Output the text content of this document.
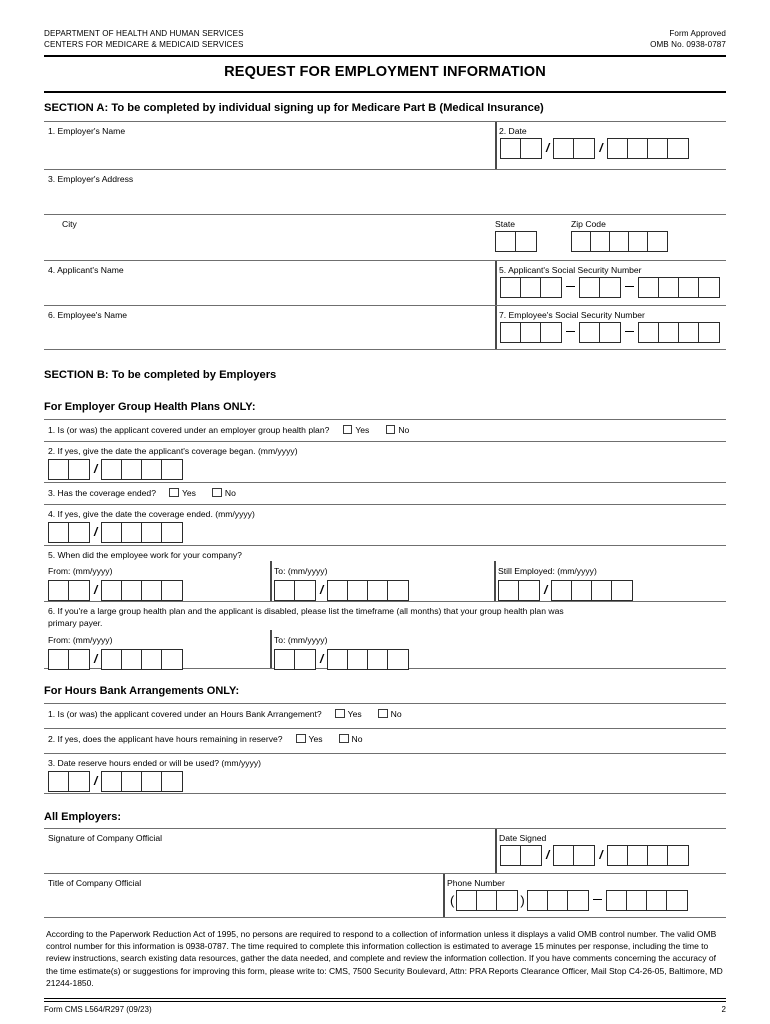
DEPARTMENT OF HEALTH AND HUMAN SERVICES
CENTERS FOR MEDICARE & MEDICAID SERVICES
Form Approved
OMB No. 0938-0787
REQUEST FOR EMPLOYMENT INFORMATION
SECTION A: To be completed by individual signing up for Medicare Part B (Medical Insurance)
1. Employer's Name	2. Date
/	/
3. Employer's Address
City	State	Zip Code
4. Applicant's Name	5. Applicant's Social Security Number
6. Employee's Name	7. Employee's Social Security Number
SECTION B: To be completed by Employers
For Employer Group Health Plans ONLY:
1. Is (or was) the applicant covered under an employer group health plan?	Yes	No
2. If yes, give the date the applicant's coverage began. (mm/yyyy)
/
3. Has the coverage ended?	Yes	No
4. If yes, give the date the coverage ended. (mm/yyyy)
/
5. When did the employee work for your company?
From: (mm/yyyy)
/
To: (mm/yyyy)
/
Still Employed: (mm/yyyy)
/
6. If you're a large group health plan and the applicant is disabled, please list the timeframe (all months) that your group health plan was
primary payer.
From: (mm/yyyy)
/
To: (mm/yyyy)
/
For Hours Bank Arrangements ONLY:
1. Is (or was) the applicant covered under an Hours Bank Arrangement?	Yes	No
2. If yes, does the applicant have hours remaining in reserve?	Yes	No
3. Date reserve hours ended or will be used? (mm/yyyy)
/
All Employers:
Signature of Company Official	Date Signed
/	/
Title of Company Official	Phone Number
(	)
According to the Paperwork Reduction Act of 1995, no persons are required to respond to a collection of information unless it displays a valid OMB control number. The valid OMB control number for this information is 0938-0787. The time required to complete this information collection is estimated to average 15 minutes per response, including the time to review instructions, search existing data resources, gather the data needed, and complete and review the information collection. If you have comments concerning the accuracy of the time estimate(s) or suggestions for improving this form, please write to: CMS, 7500 Security Boulevard, Attn: PRA Reports Clearance Officer, Mail Stop C4-26-05, Baltimore, MD 21244-1850.
Form CMS L564/R297 (09/23)	2
